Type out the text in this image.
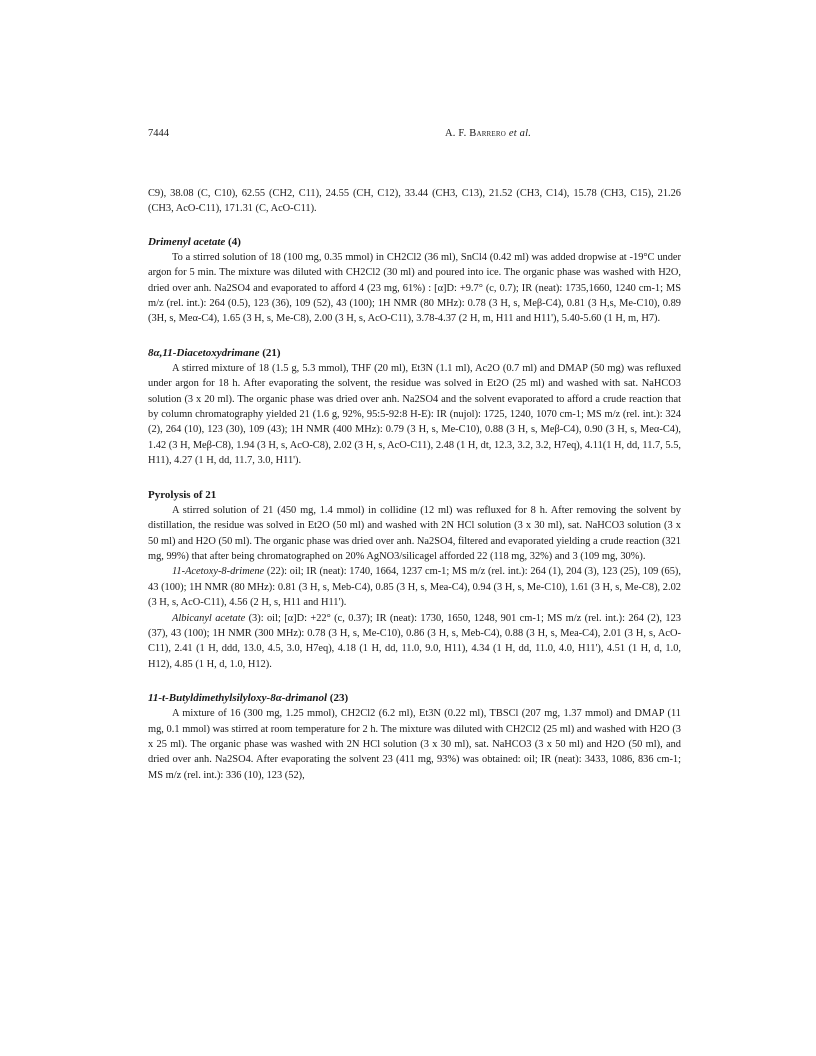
7444	A. F. Barrero et al.

C9), 38.08 (C, C10), 62.55 (CH2, C11), 24.55 (CH, C12), 33.44 (CH3, C13), 21.52 (CH3, C14), 15.78 (CH3, C15), 21.26 (CH3, AcO-C11), 171.31 (C, AcO-C11).

Drimenyl acetate (4)

To a stirred solution of 18 (100 mg, 0.35 mmol) in CH2Cl2 (36 ml), SnCl4 (0.42 ml) was added dropwise at -19°C under argon for 5 min. The mixture was diluted with CH2Cl2 (30 ml) and poured into ice. The organic phase was washed with H2O, dried over anh. Na2SO4 and evaporated to afford 4 (23 mg, 61%) : [α]D: +9.7° (c, 0.7); IR (neat): 1735,1660, 1240 cm-1; MS m/z (rel. int.): 264 (0.5), 123 (36), 109 (52), 43 (100); 1H NMR (80 MHz): 0.78 (3 H, s, Meβ-C4), 0.81 (3 H,s, Me-C10), 0.89 (3H, s, Meα-C4), 1.65 (3 H, s, Me-C8), 2.00 (3 H, s, AcO-C11), 3.78-4.37 (2 H, m, H11 and H11'), 5.40-5.60 (1 H, m, H7).

8α,11-Diacetoxydrimane (21)

A stirred mixture of 18 (1.5 g, 5.3 mmol), THF (20 ml), Et3N (1.1 ml), Ac2O (0.7 ml) and DMAP (50 mg) was refluxed under argon for 18 h. After evaporating the solvent, the residue was solved in Et2O (25 ml) and washed with sat. NaHCO3 solution (3 x 20 ml). The organic phase was dried over anh. Na2SO4 and the solvent evaporated to afford a crude reaction that by column chromatography yielded 21 (1.6 g, 92%, 95:5-92:8 H-E): IR (nujol): 1725, 1240, 1070 cm-1; MS m/z (rel. int.): 324 (2), 264 (10), 123 (30), 109 (43); 1H NMR (400 MHz): 0.79 (3 H, s, Me-C10), 0.88 (3 H, s, Meβ-C4), 0.90 (3 H, s, Meα-C4), 1.42 (3 H, Meβ-C8), 1.94 (3 H, s, AcO-C8), 2.02 (3 H, s, AcO-C11), 2.48 (1 H, dt, 12.3, 3.2, 3.2, H7eq), 4.11(1 H, dd, 11.7, 5.5, H11), 4.27 (1 H, dd, 11.7, 3.0, H11').

Pyrolysis of 21

A stirred solution of 21 (450 mg, 1.4 mmol) in collidine (12 ml) was refluxed for 8 h. After removing the solvent by distillation, the residue was solved in Et2O (50 ml) and washed with 2N HCl solution (3 x 30 ml), sat. NaHCO3 solution (3 x 50 ml) and H2O (50 ml). The organic phase was dried over anh. Na2SO4, filtered and evaporated yielding a crude reaction (321 mg, 99%) that after being chromatographed on 20% AgNO3/silicagel afforded 22 (118 mg, 32%) and 3 (109 mg, 30%).

11-Acetoxy-8-drimene (22): oil; IR (neat): 1740, 1664, 1237 cm-1; MS m/z (rel. int.): 264 (1), 204 (3), 123 (25), 109 (65), 43 (100); 1H NMR (80 MHz): 0.81 (3 H, s, Meb-C4), 0.85 (3 H, s, Mea-C4), 0.94 (3 H, s, Me-C10), 1.61 (3 H, s, Me-C8), 2.02 (3 H, s, AcO-C11), 4.56 (2 H, s, H11 and H11').

Albicanyl acetate (3): oil; [α]D: +22° (c, 0.37); IR (neat): 1730, 1650, 1248, 901 cm-1; MS m/z (rel. int.): 264 (2), 123 (37), 43 (100); 1H NMR (300 MHz): 0.78 (3 H, s, Me-C10), 0.86 (3 H, s, Meb-C4), 0.88 (3 H, s, Mea-C4), 2.01 (3 H, s, AcO-C11), 2.41 (1 H, ddd, 13.0, 4.5, 3.0, H7eq), 4.18 (1 H, dd, 11.0, 9.0, H11), 4.34 (1 H, dd, 11.0, 4.0, H11'), 4.51 (1 H, d, 1.0, H12), 4.85 (1 H, d, 1.0, H12).

11-t-Butyldimethylsilyloxy-8α-drimanol (23)

A mixture of 16 (300 mg, 1.25 mmol), CH2Cl2 (6.2 ml), Et3N (0.22 ml), TBSCl (207 mg, 1.37 mmol) and DMAP (11 mg, 0.1 mmol) was stirred at room temperature for 2 h. The mixture was diluted with CH2Cl2 (25 ml) and washed with H2O (3 x 25 ml). The organic phase was washed with 2N HCl solution (3 x 30 ml), sat. NaHCO3 (3 x 50 ml) and H2O (50 ml), and dried over anh. Na2SO4. After evaporating the solvent 23 (411 mg, 93%) was obtained: oil; IR (neat): 3433, 1086, 836 cm-1; MS m/z (rel. int.): 336 (10), 123 (52),
